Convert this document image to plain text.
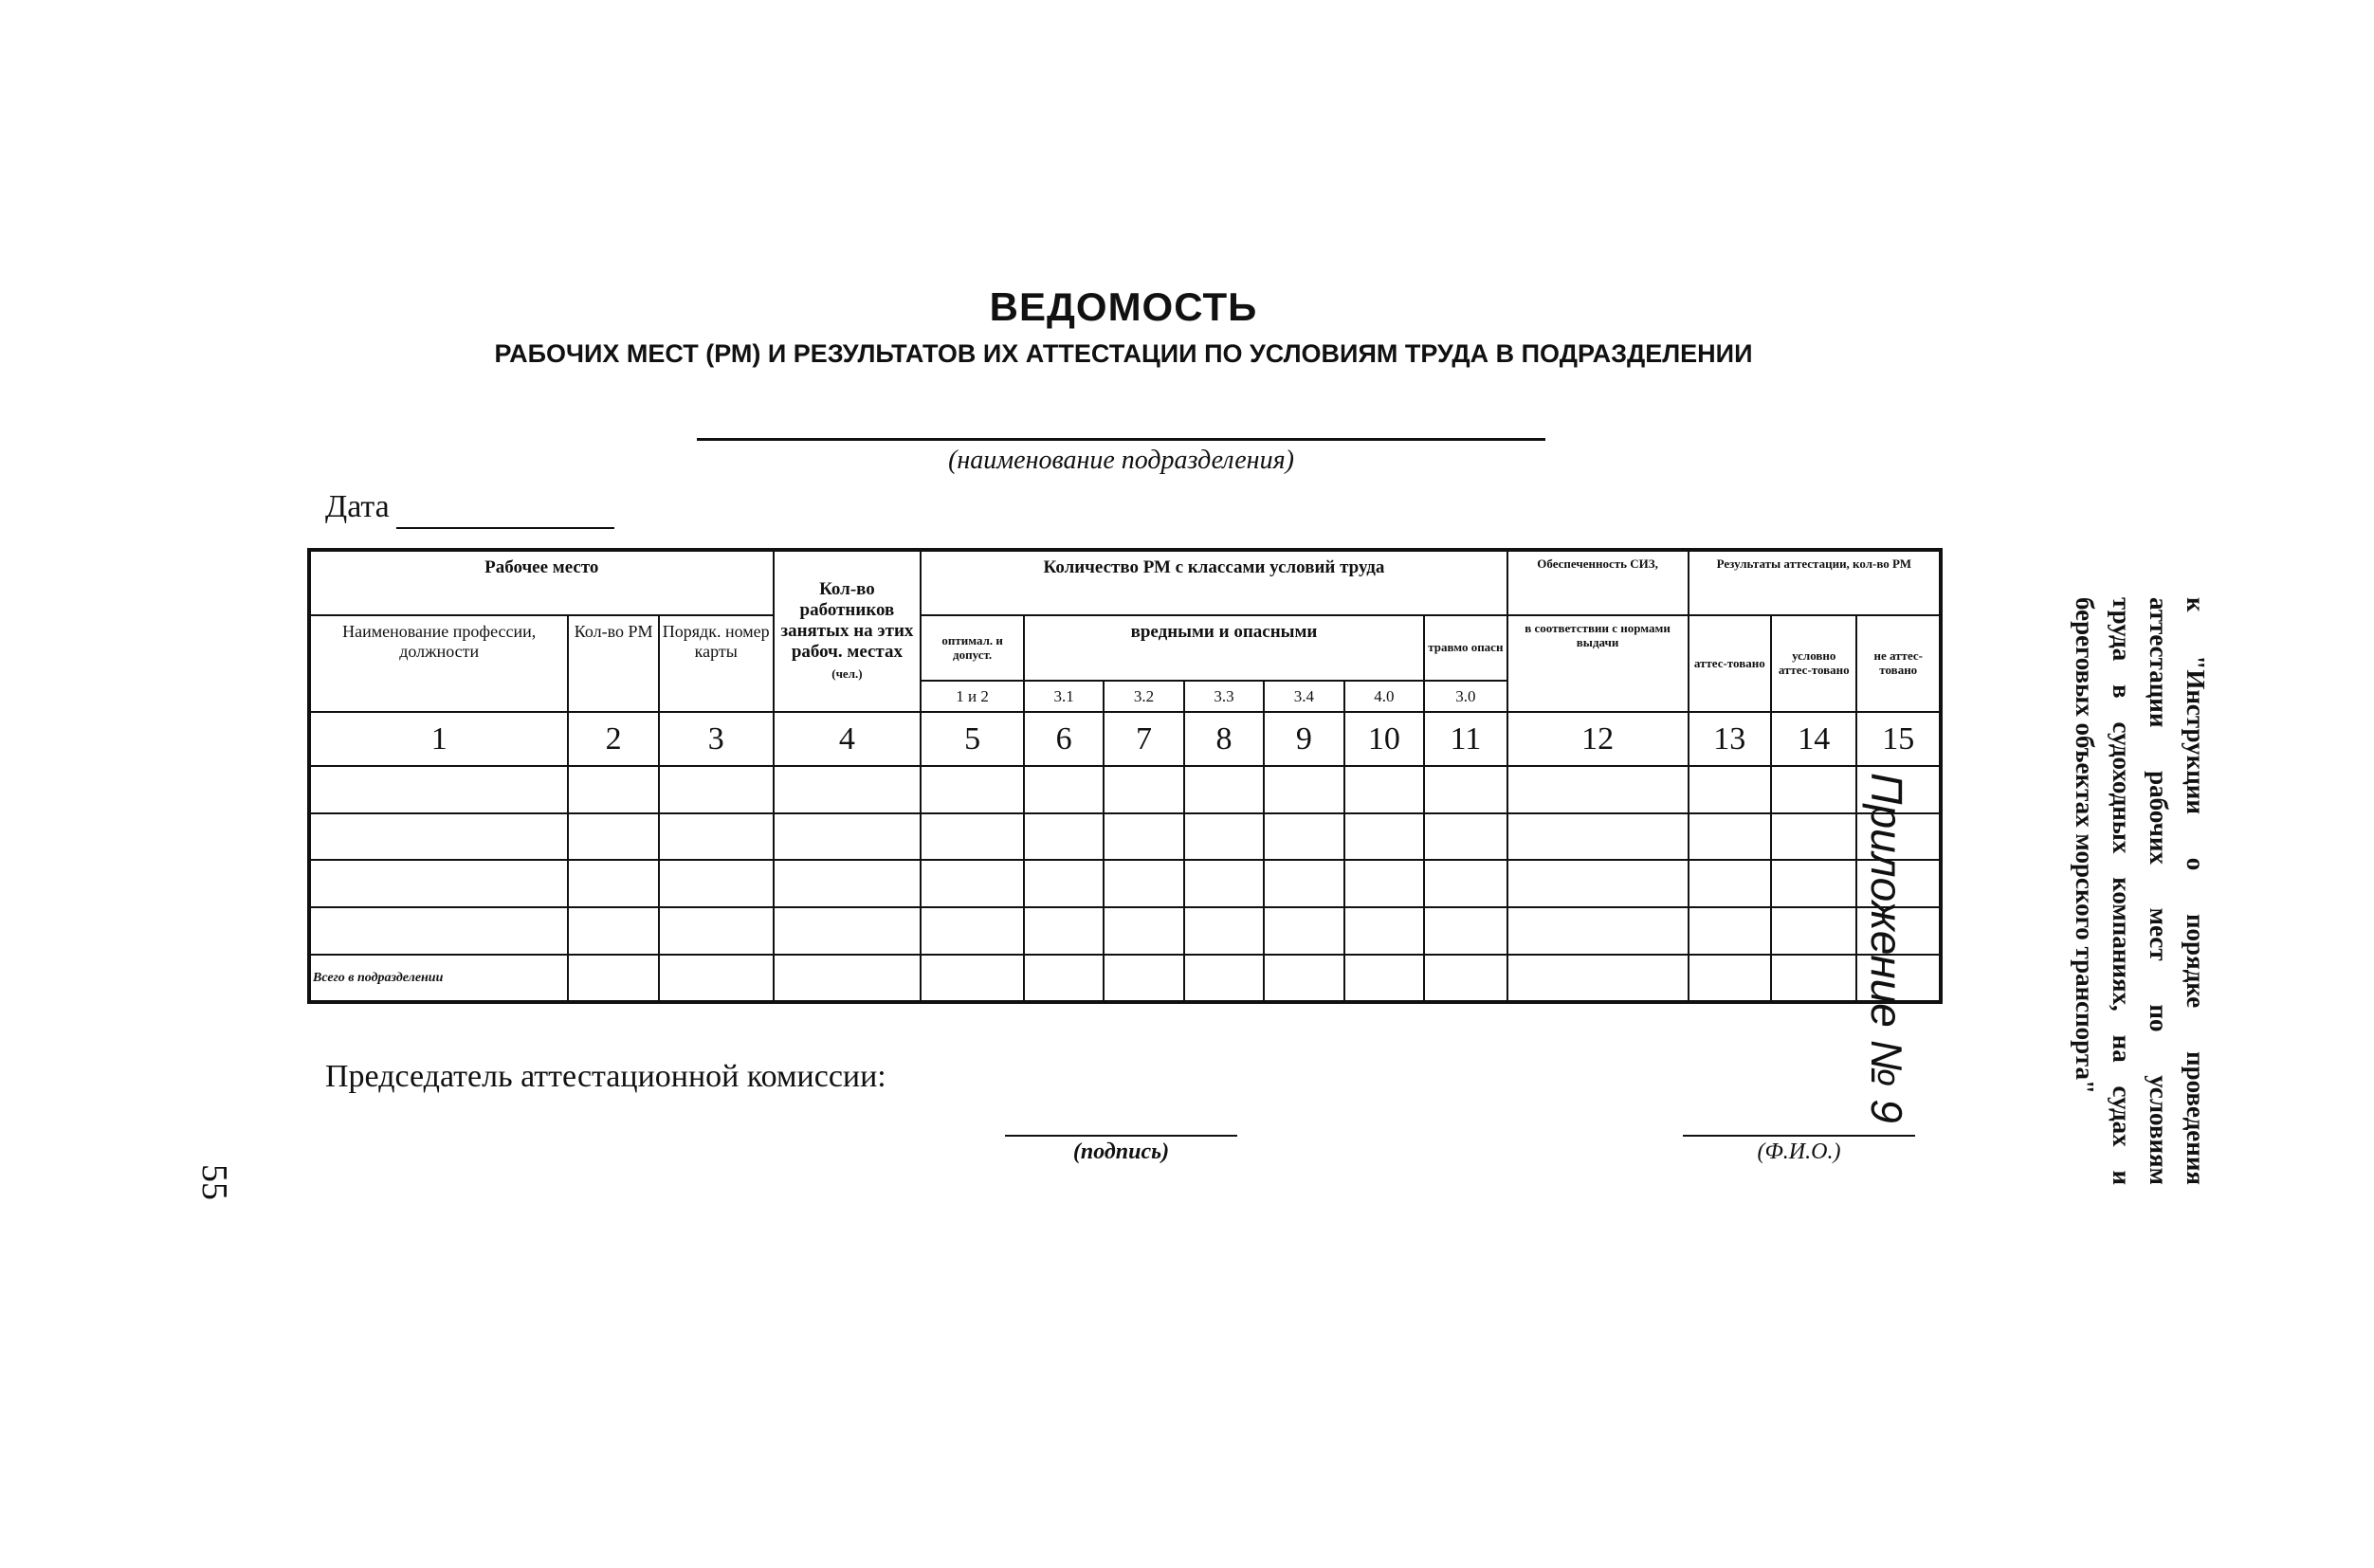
ВЕДОМОСТЬ
РАБОЧИХ МЕСТ (РМ) И РЕЗУЛЬТАТОВ ИХ АТТЕСТАЦИИ ПО УСЛОВИЯМ ТРУДА В ПОДРАЗДЕЛЕНИИ
(наименование подразделения)
Дата
Рабочее место			Кол-во работников занятых на этих рабоч. местах (чел.)	Количество РМ с классами условий труда							Обеспеченность СИЗ,	Результаты аттестации, кол-во РМ		
Наименование профессии, должности	Кол-во РМ	Порядк. номер карты		оптимал. и допуст.	вредными и опасными					травмо опасн	в соответствии с нормами выдачи	аттес-товано	условно аттес-товано	не аттес-товано
				1 и 2	3.1	3.2	3.3	3.4	4.0	3.0				
1	2	3	4	5	6	7	8	9	10	11	12	13	14	15

Всего в подразделении														
Председатель аттестационной комиссии:
(подпись)	(Ф.И.О.)
55
Приложение № 9	к "Инструкции о порядке проведения
аттестации рабочих мест по условиям
труда в судоходных компаниях, на судах и
береговых объектах морского транспорта"
